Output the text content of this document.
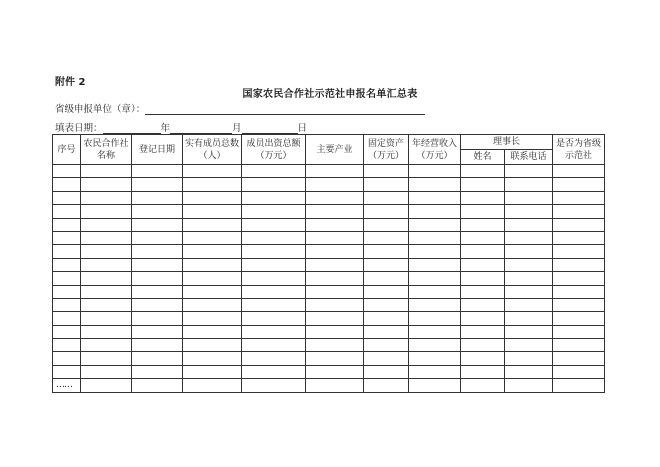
附件 2
国家农民合作社示范社申报名单汇总表
省级申报单位（章）：
填表日期：	年	月	日
序号	农民合作社名称	登记日期	实有成员总数（人）	成员出资总额（万元）	主要产业	固定资产（万元）	年经营收入（万元）	理事长		是否为省级示范社
								姓名	联系电话	

……										
